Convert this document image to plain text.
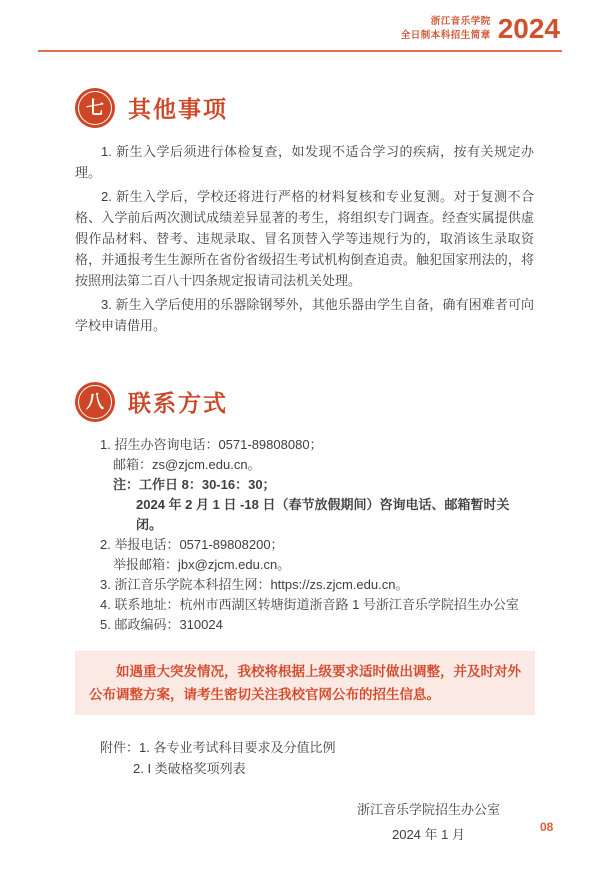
浙江音乐学院
全日制本科招生简章 2024
七 其他事项

1. 新生入学后须进行体检复查，如发现不适合学习的疾病，按有关规定办理。

2. 新生入学后，学校还将进行严格的材料复核和专业复测。对于复测不合格、入学前后两次测试成绩差异显著的考生，将组织专门调查。经查实属提供虚假作品材料、替考、违规录取、冒名顶替入学等违规行为的，取消该生录取资格，并通报考生生源所在省份省级招生考试机构倒查追责。触犯国家刑法的，将按照刑法第二百八十四条规定报请司法机关处理。

3. 新生入学后使用的乐器除钢琴外，其他乐器由学生自备，确有困难者可向学校申请借用。

八 联系方式
1. 招生办咨询电话：0571-89808080；
邮箱：zs@zjcm.edu.cn。
注：工作日 8：30-16：30；
2024 年 2 月 1 日 -18 日（春节放假期间）咨询电话、邮箱暂时关闭。
2. 举报电话：0571-89808200；
举报邮箱：jbx@zjcm.edu.cn。
3. 浙江音乐学院本科招生网：https://zs.zjcm.edu.cn。
4. 联系地址：杭州市西湖区转塘街道浙音路 1 号浙江音乐学院招生办公室
5. 邮政编码：310024
如遇重大突发情况，我校将根据上级要求适时做出调整，并及时对外公布调整方案，请考生密切关注我校官网公布的招生信息。
附件：1. 各专业考试科目要求及分值比例
2. I 类破格奖项列表
浙江音乐学院招生办公室
2024 年 1 月	08
